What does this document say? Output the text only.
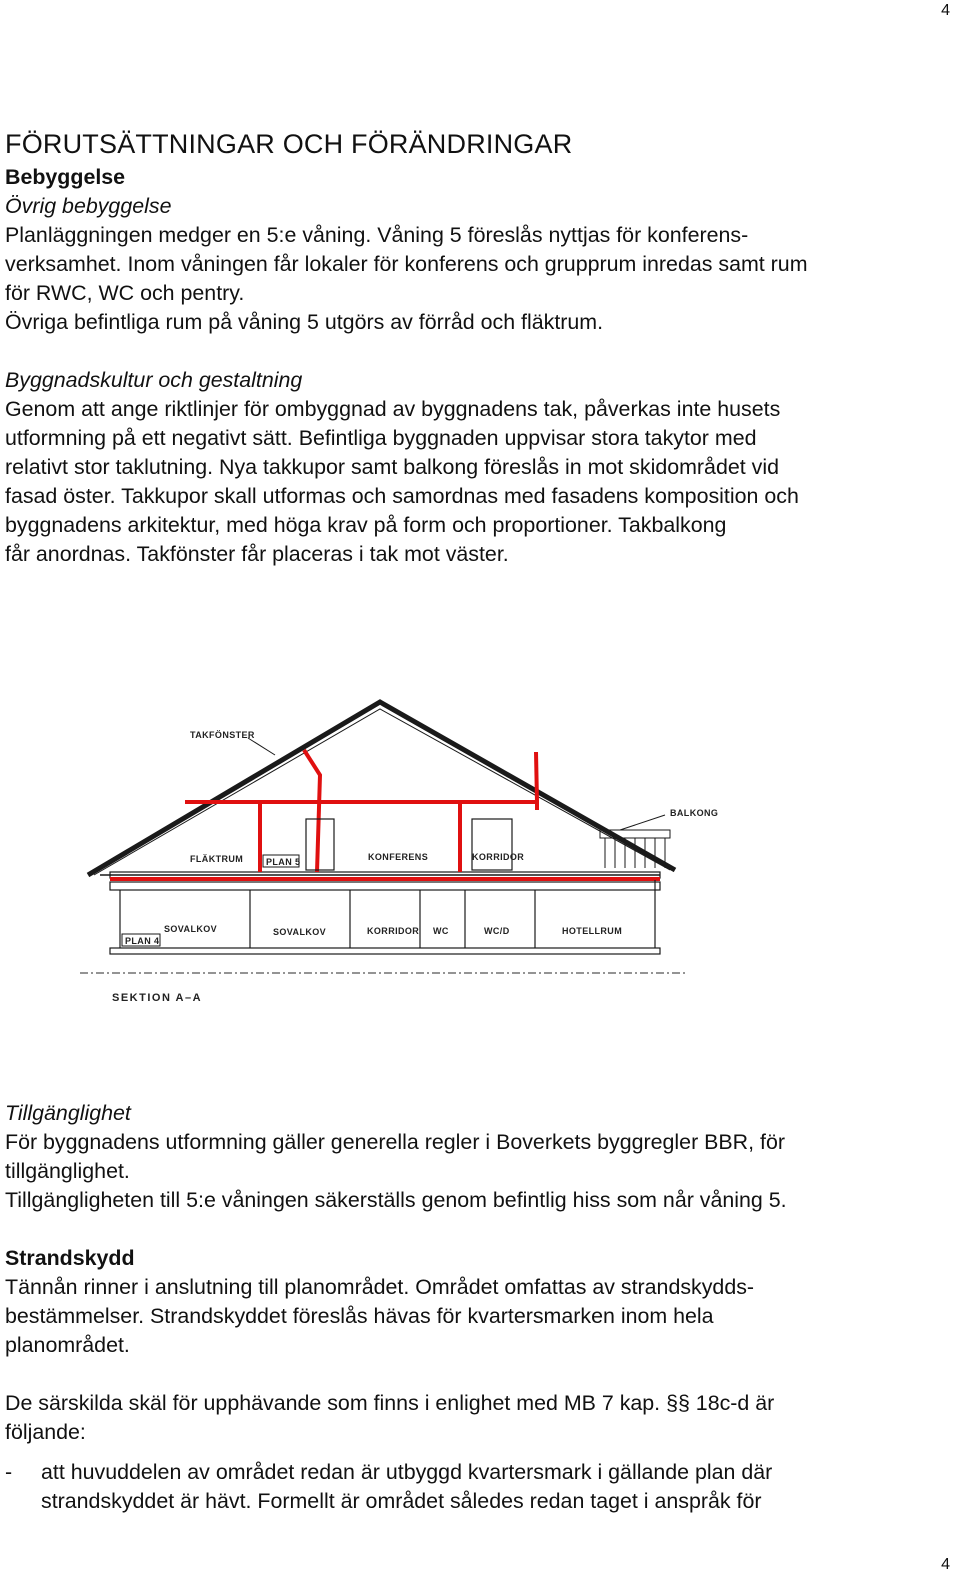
4
FÖRUTSÄTTNINGAR OCH FÖRÄNDRINGAR

Bebyggelse

Övrig bebyggelse

Planläggningen medger en 5:e våning. Våning 5 föreslås nyttjas för konferens-

verksamhet. Inom våningen får lokaler för konferens och grupprum inredas samt rum

för RWC, WC och pentry.

Övriga befintliga rum på våning 5 utgörs av förråd och fläktrum.

Byggnadskultur och gestaltning

Genom att ange riktlinjer för ombyggnad av byggnadens tak, påverkas inte husets

utformning på ett negativt sätt. Befintliga byggnaden uppvisar stora takytor med

relativt stor taklutning. Nya takkupor samt balkong föreslås in mot skidområdet vid

fasad öster. Takkupor skall utformas och samordnas med fasadens komposition och

byggnadens arkitektur, med höga krav på form och proportioner. Takbalkong

får anordnas. Takfönster får placeras i tak mot väster.

TAKFÖNSTER
BALKONG
FLÄKTRUM	PLAN 5	KONFERENS	KORRIDOR
SOVALKOV	SOVALKOV	KORRIDOR WC	WC/D	HOTELLRUM
PLAN 4
SEKTION A–A

Tillgänglighet

För byggnadens utformning gäller generella regler i Boverkets byggregler BBR, för

tillgänglighet.

Tillgängligheten till 5:e våningen säkerställs genom befintlig hiss som når våning 5.

Strandskydd

Tännån rinner i anslutning till planområdet. Området omfattas av strandskydds-

bestämmelser. Strandskyddet föreslås hävas för kvartersmarken inom hela

planområdet.

De särskilda skäl för upphävande som finns i enlighet med MB 7 kap. §§ 18c-d är

följande:

-	att huvuddelen av området redan är utbyggd kvartersmark i gällande plan där

strandskyddet är hävt. Formellt är området således redan taget i anspråk för

4
